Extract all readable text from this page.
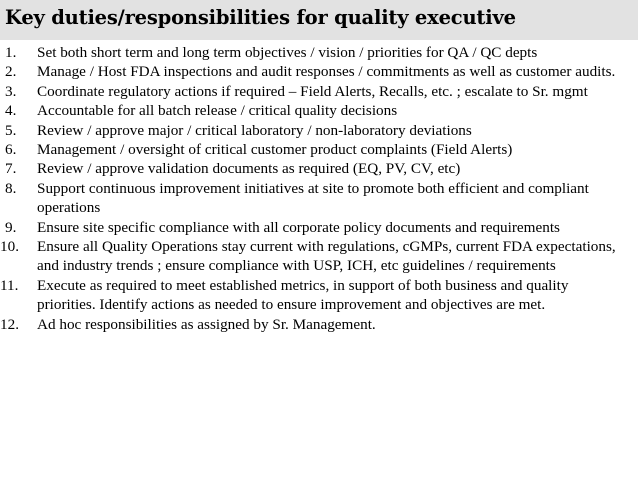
Key duties/responsibilities for quality executive
1. Set both short term and long term objectives / vision / priorities for QA / QC depts
2. Manage / Host FDA inspections and audit responses / commitments as well as customer audits.
3. Coordinate regulatory actions if required – Field Alerts, Recalls, etc. ; escalate to Sr. mgmt
4. Accountable for all batch release / critical quality decisions
5. Review / approve major / critical laboratory / non-laboratory deviations
6. Management / oversight of critical customer product complaints (Field Alerts)
7. Review / approve validation documents as required (EQ, PV, CV, etc)
8. Support continuous improvement initiatives at site to promote both efficient and compliant operations
9. Ensure site specific compliance with all corporate policy documents and requirements
10. Ensure all Quality Operations stay current with regulations, cGMPs, current FDA expectations, and industry trends ; ensure compliance with USP, ICH, etc guidelines / requirements
11. Execute as required to meet established metrics, in support of both business and quality priorities. Identify actions as needed to ensure improvement and objectives are met.
12. Ad hoc responsibilities as assigned by Sr. Management.
